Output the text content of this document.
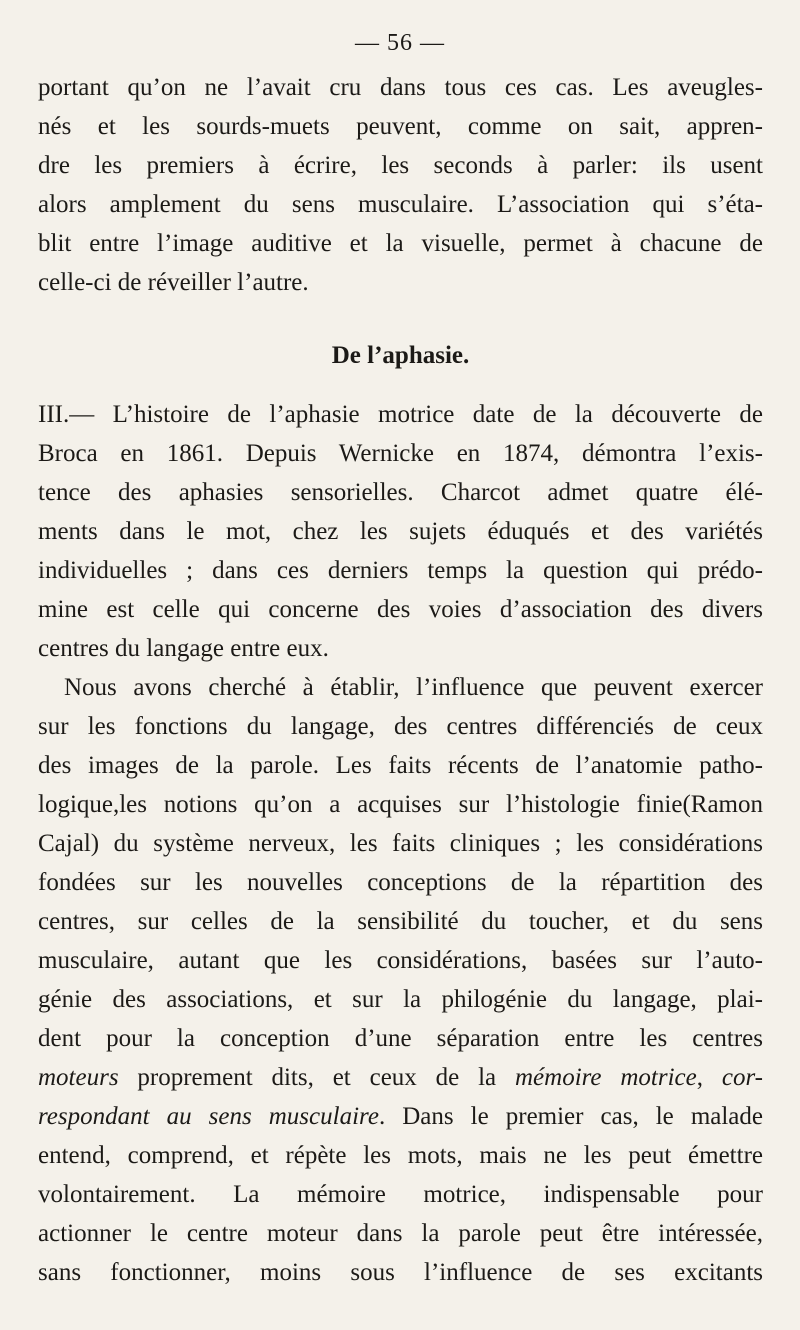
— 56 —
portant qu’on ne l’avait cru dans tous ces cas. Les aveugles-
nés et les sourds-muets peuvent, comme on sait, appren-
dre les premiers à écrire, les seconds à parler: ils usent
alors amplement du sens musculaire. L’association qui s’éta-
blit entre l’image auditive et la visuelle, permet à chacune de
celle-ci de réveiller l’autre.
De l’aphasie.
III.— L’histoire de l’aphasie motrice date de la découverte de
Broca en 1861. Depuis Wernicke en 1874, démontra l’exis-
tence des aphasies sensorielles. Charcot admet quatre élé-
ments dans le mot, chez les sujets éduqués et des variétés
individuelles ; dans ces derniers temps la question qui prédo-
mine est celle qui concerne des voies d’association des divers
centres du langage entre eux.
Nous avons cherché à établir, l’influence que peuvent exercer
sur les fonctions du langage, des centres différenciés de ceux
des images de la parole. Les faits récents de l’anatomie patho-
logique,les notions qu’on a acquises sur l’histologie finie(Ramon
Cajal) du système nerveux, les faits cliniques ; les considérations
fondées sur les nouvelles conceptions de la répartition des
centres, sur celles de la sensibilité du toucher, et du sens
musculaire, autant que les considérations, basées sur l’auto-
génie des associations, et sur la philogénie du langage, plai-
dent pour la conception d’une séparation entre les centres
moteurs proprement dits, et ceux de la mémoire motrice, cor-
respondant au sens musculaire. Dans le premier cas, le malade
entend, comprend, et répète les mots, mais ne les peut émettre
volontairement. La mémoire motrice, indispensable pour
actionner le centre moteur dans la parole peut être intéressée,
sans fonctionner, moins sous l’influence de ses excitants
